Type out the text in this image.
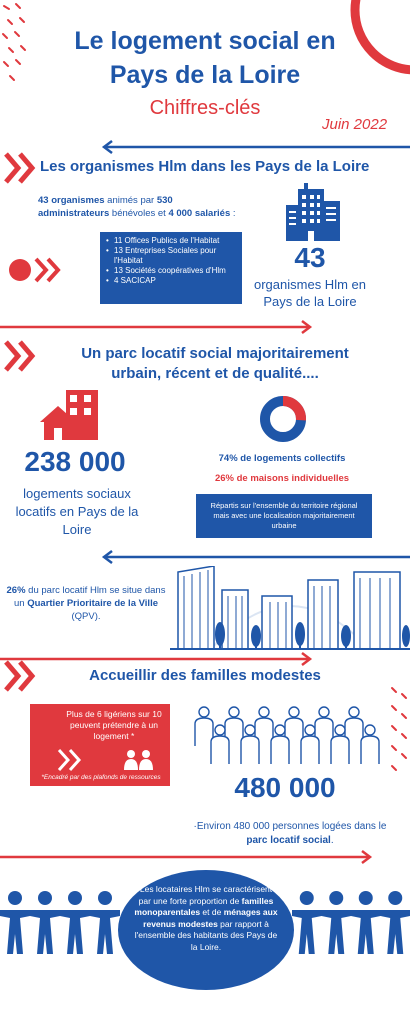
Le logement social en
Pays de la Loire
Chiffres-clés
Juin 2022
Les organismes Hlm dans les Pays de la Loire
43 organismes animés par 530
administrateurs bénévoles et 4 000 salariés :
• 11 Offices Publics de l'Habitat
• 13 Entreprises Sociales pour l'Habitat
• 13 Sociétés coopératives d'Hlm
• 4 SACICAP
43
organismes Hlm en Pays de la Loire
Un parc locatif social majoritairement
urbain, récent et de qualité....
238 000
logements sociaux locatifs en Pays de la Loire
74% de logements collectifs
26% de maisons individuelles
Répartis sur l'ensemble du territoire régional mais avec une localisation majoritairement urbaine
26% du parc locatif Hlm se situe dans un Quartier Prioritaire de la Ville (QPV).
Accueillir des familles modestes
Plus de 6 ligériens sur 10 peuvent prétendre à un logement *
*Encadré par des plafonds de ressources	480 000
·Environ 480 000 personnes logées dans le parc locatif social.
Les locataires Hlm se caractérisent par une forte proportion de familles monoparentales et de ménages aux revenus modestes par rapport à l'ensemble des habitants des Pays de la Loire.
